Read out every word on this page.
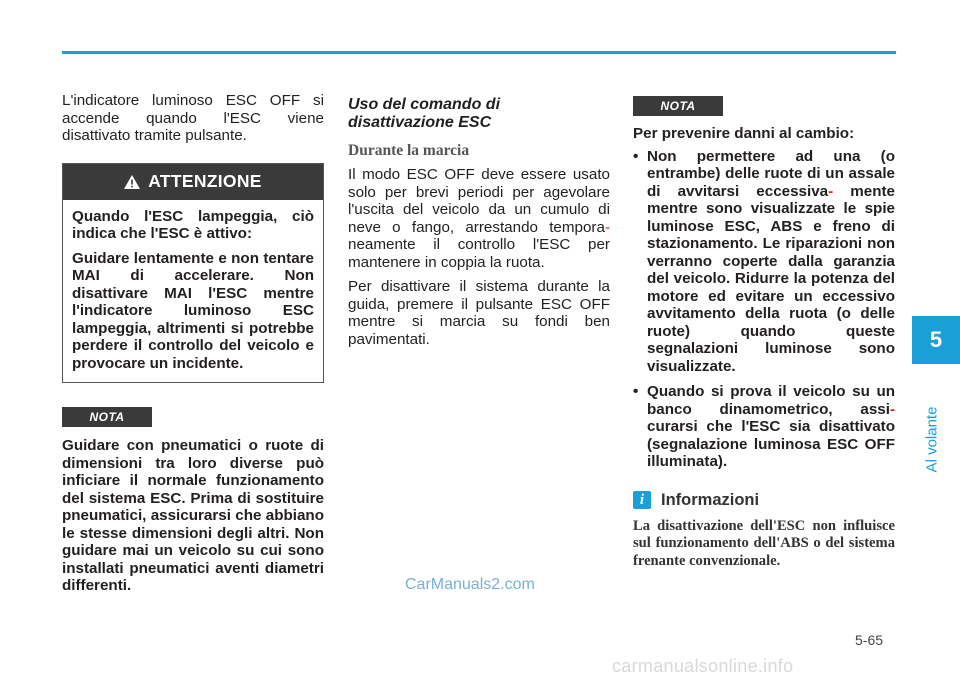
L'indicatore luminoso ESC OFF si accende quando l'ESC viene disattivato tramite pulsante.

ATTENZIONE

Quando l'ESC lampeggia, ciò indica che l'ESC è attivo:

Guidare lentamente e non tentare MAI di accelerare. Non disattivare MAI l'ESC mentre l'indicatore luminoso ESC lampeggia, altrimenti si potrebbe perdere il controllo del veicolo e provocare un incidente.

NOTA

Guidare con pneumatici o ruote di dimensioni tra loro diverse può inficiare il normale funzionamento del sistema ESC. Prima di sostituire pneumatici, assicurarsi che abbiano le stesse dimensioni degli altri. Non guidare mai un veicolo su cui sono installati pneumatici aventi diametri differenti.

Uso del comando di disattivazione ESC
Durante la marcia

Il modo ESC OFF deve essere usato solo per brevi periodi per agevolare l'uscita del veicolo da un cumulo di neve o fango, arrestando tempora- neamente il controllo l'ESC per mantenere in coppia la ruota.

Per disattivare il sistema durante la guida, premere il pulsante ESC OFF mentre si marcia su fondi ben pavimentati.

NOTA

Per prevenire danni al cambio:

• Non permettere ad una (o entrambe) delle ruote di un assale di avvitarsi eccessiva- mente mentre sono visualizzate le spie luminose ESC, ABS e freno di stazionamento. Le riparazioni non verranno coperte dalla garanzia del veicolo. Ridurre la potenza del motore ed evitare un eccessivo avvitamento della ruota (o delle ruote) quando queste segnalazioni luminose sono visualizzate.
• Quando si prova il veicolo su un banco dinamometrico, assi- curarsi che l'ESC sia disattivato (segnalazione luminosa ESC OFF illuminata).
i	Informazioni

La disattivazione dell'ESC non influisce sul funzionamento dell'ABS o del sistema frenante convenzionale.

5
Al volante
5-65
CarManuals2.com
carmanualsonline.info
